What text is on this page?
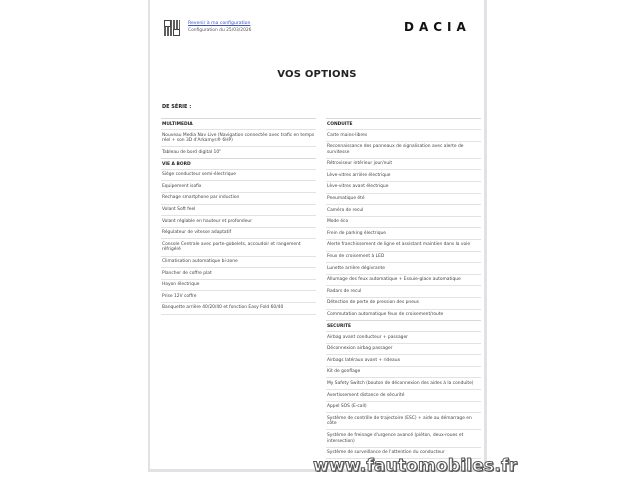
Revenir à ma configuration
Configuration du 25/03/2026	DACIA
VOS OPTIONS
DE SÉRIE :
MULTIMEDIA
Nouveau Media Nav Live (Navigation connectée avec trafic en temps réel + son 3D d'Arkamys® 6HP)
Tableau de bord digital 10"
VIE A BORD
Siège conducteur semi-électrique
Equipement isofix
Rechage smartphone par induction
Volant Soft feel
Volant réglable en hauteur et profondeur
Régulateur de vitesse adaptatif
Console Centrale avec porte-gobelets, accoudoir et rangement réfrigéré
Climatisation automatique bi-zone
Plancher de coffre plat
Hayon électrique
Prise 12V coffre
Banquette arrière 40/20/40 et fonction Easy Fold 60/40
CONDUITE
Carte mains-libres
Reconnaissance des panneaux de signalisation avec alerte de survitesse
Rétroviseur intérieur jour/nuit
Lève-vitres arrière électrique
Lève-vitres avant électrique
Pneumatique été
Caméra de recul
Mode éco
Frein de parking électrique
Alerte franchissement de ligne et assistant maintien dans la voie
Feux de croisement à LED
Lunette arrière dégivrante
Allumage des feux automatique + Essuie-glace automatique
Radars de recul
Détection de perte de pression des pneus
Commutation automatique feux de croisement/route
SECURITE
Airbag avant conducteur + passager
Déconnexion airbag passager
Airbags latéraux avant + rideaux
Kit de gonflage
My Safety Switch (bouton de déconnexion des aides à la conduite)
Avertissement distance de sécurité
Appel SOS (E-call)
Système de contrôle de trajectoire (ESC) + aide au démarrage en côte
Système de freinage d'urgence avancé (piéton, deux-roues et intersection)
Système de surveillance de l'attention du conducteur
www.fautomobiles.fr
